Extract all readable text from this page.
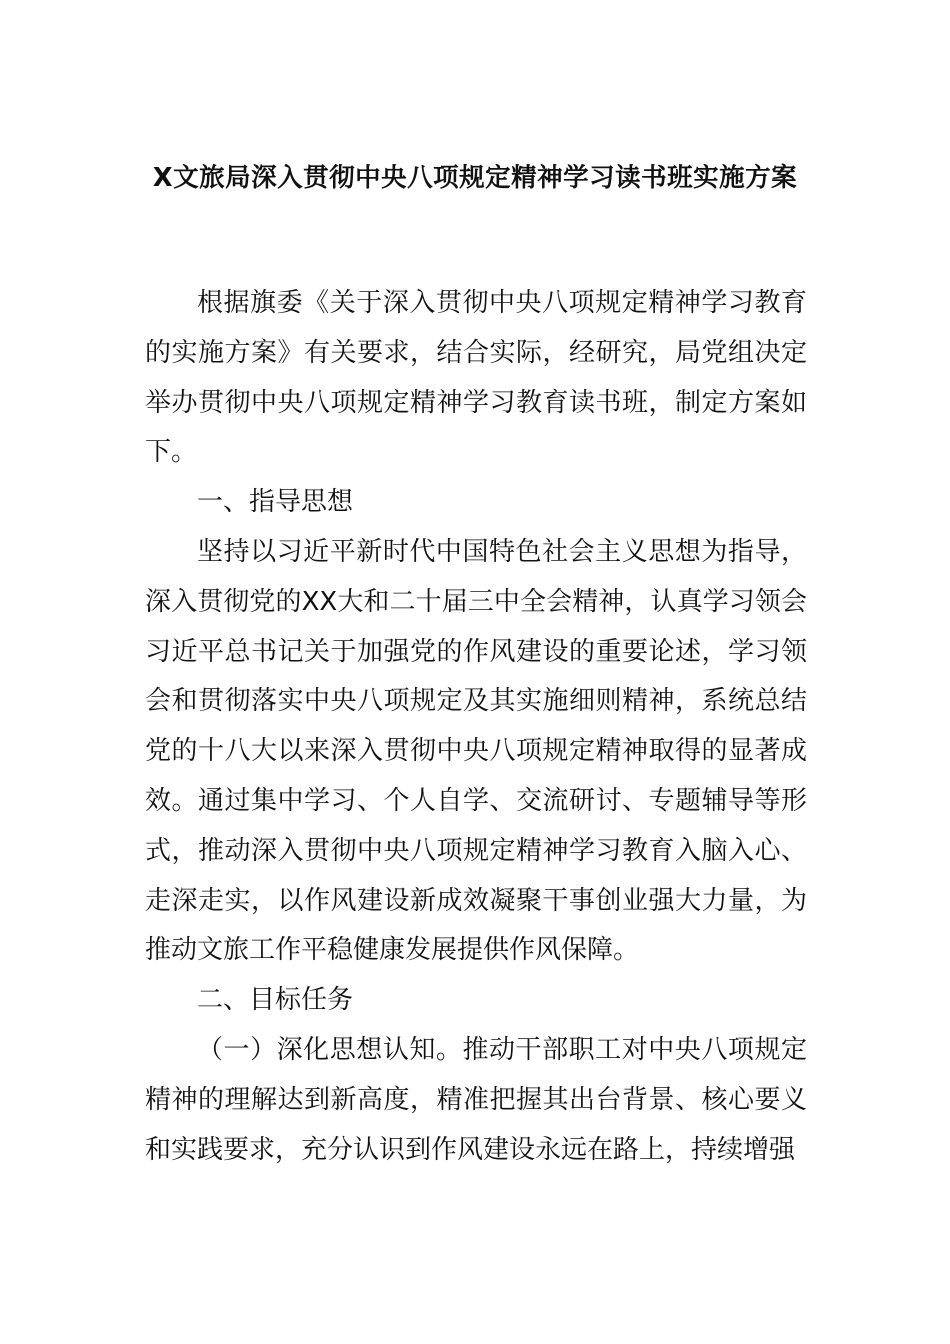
X文旅局深入贯彻中央八项规定精神学习读书班实施方案

根据旗委《关于深入贯彻中央八项规定精神学习教育的实施方案》有关要求，结合实际，经研究，局党组决定举办贯彻中央八项规定精神学习教育读书班，制定方案如下。

一、指导思想

坚持以习近平新时代中国特色社会主义思想为指导，深入贯彻党的XX大和二十届三中全会精神，认真学习领会习近平总书记关于加强党的作风建设的重要论述，学习领会和贯彻落实中央八项规定及其实施细则精神，系统总结党的十八大以来深入贯彻中央八项规定精神取得的显著成效。通过集中学习、个人自学、交流研讨、专题辅导等形式，推动深入贯彻中央八项规定精神学习教育入脑入心、走深走实，以作风建设新成效凝聚干事创业强大力量，为推动文旅工作平稳健康发展提供作风保障。

二、目标任务

（一）深化思想认知。推动干部职工对中央八项规定精神的理解达到新高度，精准把握其出台背景、核心要义和实践要求，充分认识到作风建设永远在路上，持续增强
